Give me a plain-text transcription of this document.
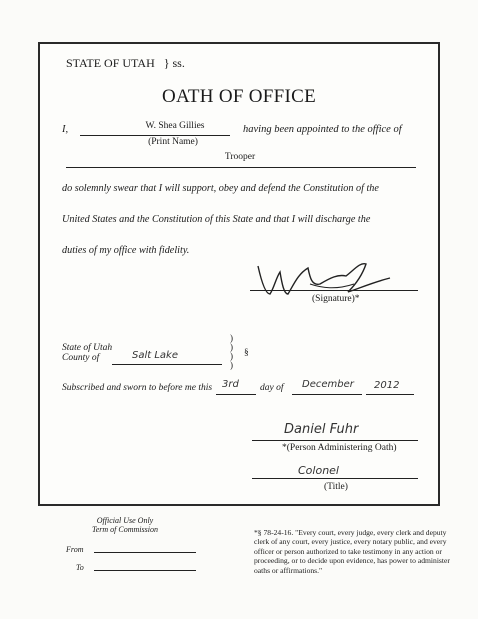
STATE OF UTAH } ss.
OATH OF OFFICE
I,	W. Shea Gillies
(Print Name)
having been appointed to the office of
Trooper
do solemnly swear that I will support, obey and defend the Constitution of the
United States and the Constitution of this State and that I will discharge the
duties of my office with fidelity.
(Signature)*
State of Utah
County of	Salt Lake
)
)
)
)
§
Subscribed and sworn to before me this 3rd day of December 2012
Daniel Fuhr
*(Person Administering Oath)
Colonel
(Title)
Official Use Only
Term of Commission
From
To
*§ 78-24-16. "Every court, every judge, every clerk and deputy clerk of any court, every justice, every notary public, and every officer or person authorized to take testimony in any action or proceeding, or to decide upon evidence, has power to administer oaths or affirmations."
